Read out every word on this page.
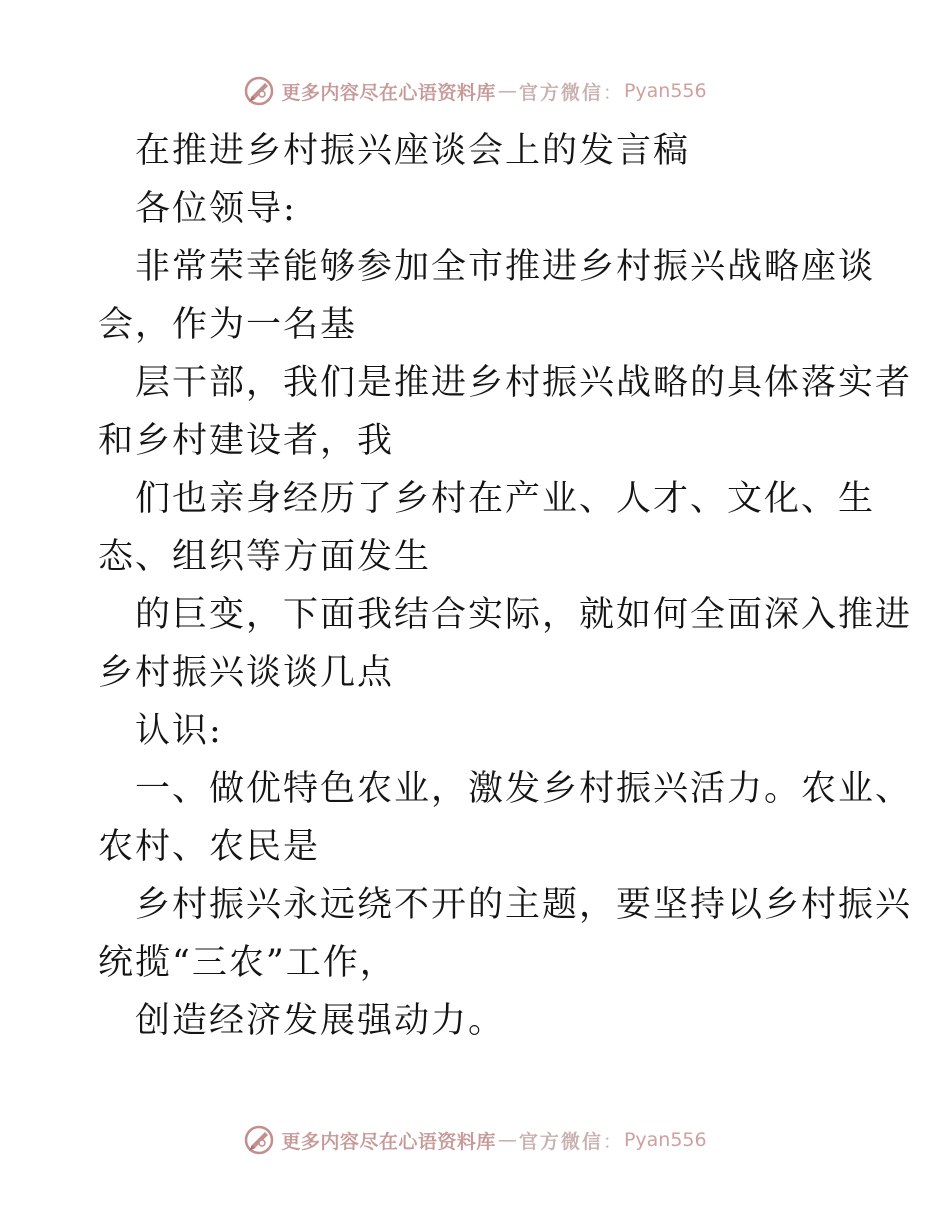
更多内容尽在心语资料库 — 官方微信 ： Pyan556
在推进乡村振兴座谈会上的发言稿
各位领导:
非常荣幸能够参加全市推进乡村振兴战略座谈
会，作为一名基
层干部，我们是推进乡村振兴战略的具体落实者
和乡村建设者，我
们也亲身经历了乡村在产业、人才、文化、生
态、组织等方面发生
的巨变，下面我结合实际，就如何全面深入推进
乡村振兴谈谈几点
认识:
一、做优特色农业，激发乡村振兴活力。农业、
农村、农民是
乡村振兴永远绕不开的主题，要坚持以乡村振兴
统揽“三农”工作，
创造经济发展强动力。
更多内容尽在心语资料库 — 官方微信 ： Pyan556
